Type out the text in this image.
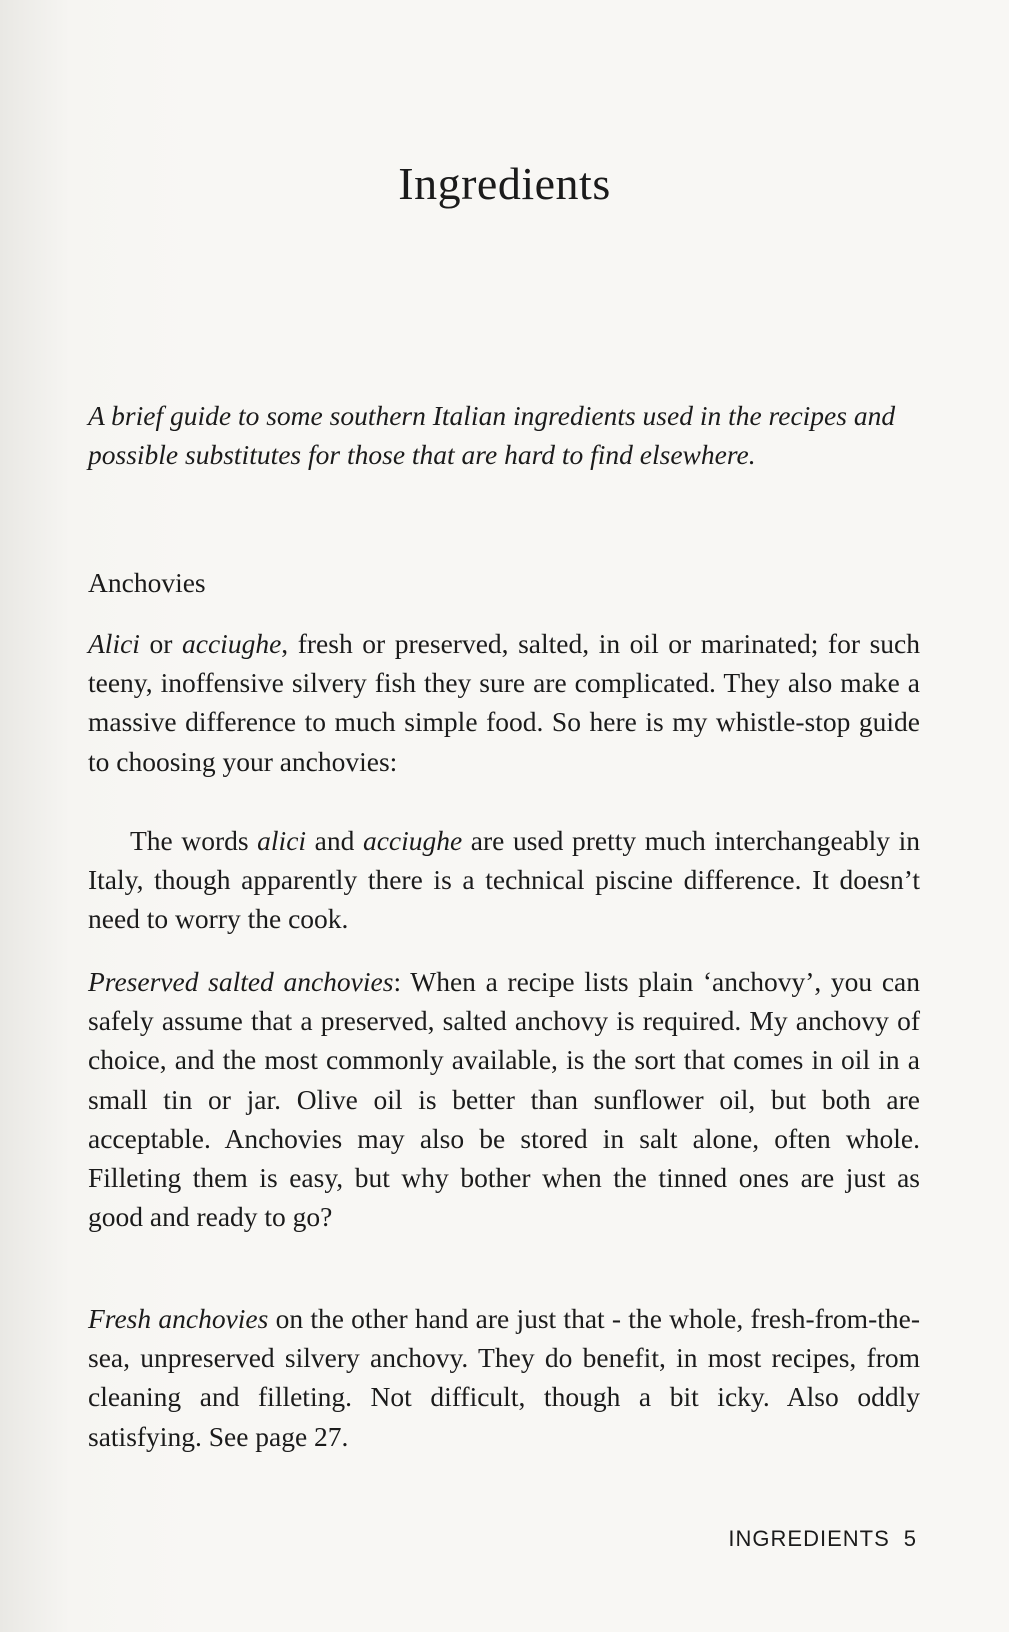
Ingredients
A brief guide to some southern Italian ingredients used in the recipes and possible substitutes for those that are hard to find elsewhere.
Anchovies

Alici or acciughe, fresh or preserved, salted, in oil or marinated; for such teeny, inoffensive silvery fish they sure are complicated. They also make a massive difference to much simple food. So here is my whistle-stop guide to choosing your anchovies:

The words alici and acciughe are used pretty much interchangeably in Italy, though apparently there is a technical piscine difference. It doesn’t need to worry the cook.

Preserved salted anchovies: When a recipe lists plain ‘anchovy’, you can safely assume that a preserved, salted anchovy is required. My anchovy of choice, and the most commonly available, is the sort that comes in oil in a small tin or jar. Olive oil is better than sunflower oil, but both are acceptable. Anchovies may also be stored in salt alone, often whole. Filleting them is easy, but why bother when the tinned ones are just as good and ready to go?

Fresh anchovies on the other hand are just that - the whole, fresh-from-the-sea, unpreserved silvery anchovy. They do benefit, in most recipes, from cleaning and filleting. Not difficult, though a bit icky. Also oddly satisfying. See page 27.

INGREDIENTS 5
